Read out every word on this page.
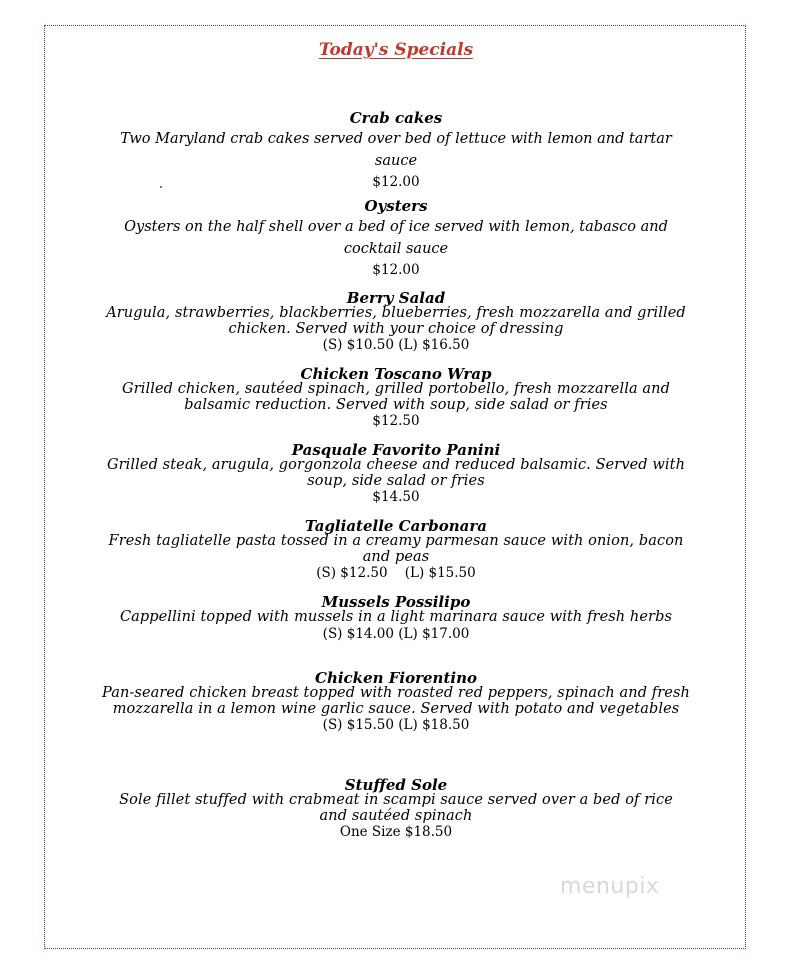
Today's Specials
Crab cakes
Two Maryland crab cakes served over bed of lettuce with lemon and tartar sauce
$12.00
Oysters
Oysters on the half shell over a bed of ice served with lemon, tabasco and cocktail sauce
$12.00
Berry Salad
Arugula, strawberries, blackberries, blueberries, fresh mozzarella and grilled chicken. Served with your choice of dressing
(S) $10.50 (L) $16.50
Chicken Toscano Wrap
Grilled chicken, sautéed spinach, grilled portobello, fresh mozzarella and balsamic reduction. Served with soup, side salad or fries
$12.50
Pasquale Favorito Panini
Grilled steak, arugula, gorgonzola cheese and reduced balsamic. Served with soup, side salad or fries
$14.50
Tagliatelle Carbonara
Fresh tagliatelle pasta tossed in a creamy parmesan sauce with onion, bacon and peas
(S) $12.50    (L) $15.50
Mussels Possilipo
Cappellini topped with mussels in a light marinara sauce with fresh herbs
(S) $14.00 (L) $17.00
Chicken Fiorentino
Pan-seared chicken breast topped with roasted red peppers, spinach and fresh mozzarella in a lemon wine garlic sauce. Served with potato and vegetables
(S) $15.50 (L) $18.50
Stuffed Sole
Sole fillet stuffed with crabmeat in scampi sauce served over a bed of rice and sautéed spinach
One Size $18.50
menupix
